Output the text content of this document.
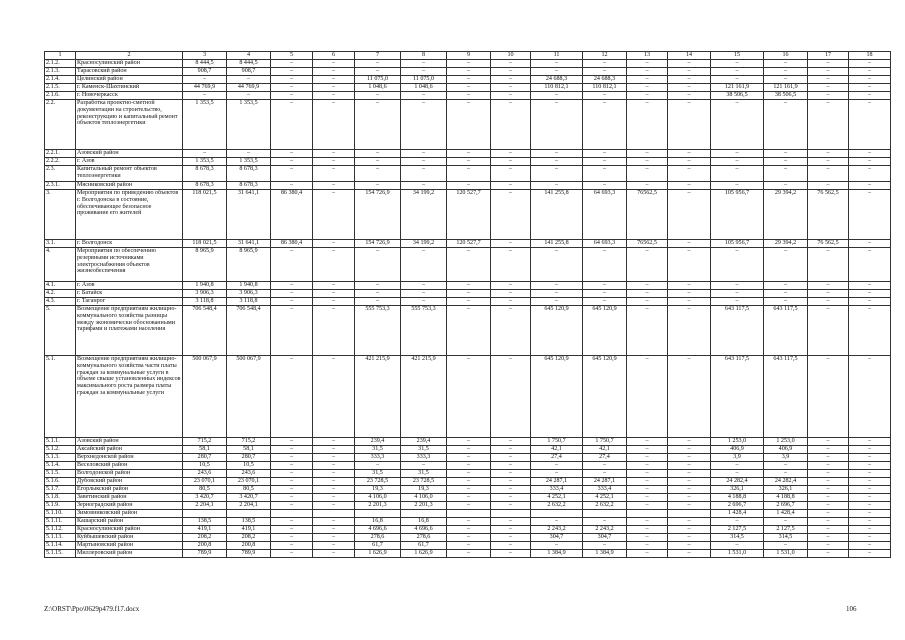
1	2	3	4	5	6	7	8	9	10	11	12	13	14	15	16	17	18
2.1.2.	Красносулинский район	8 444,5	8 444,5	–	–	–	–	–	–	–	–	–	–	–	–	–	–
2.1.3.	Тарасовский район	908,7	908,7	–	–	–	–	–	–	–	–	–	–	–	–	–	–
2.1.4.	Целинский район	–	–	–	–	11 075,0	11 075,0	–	–	24 688,3	24 688,3	–	–	–	–	–	–
2.1.5.	г. Каменск-Шахтинский	44 769,9	44 769,9	–	–	1 048,6	1 048,6	–	–	110 812,1	110 812,1	–	–	121 161,9	121 161,9	–	–
2.1.6.	г. Новочеркасск	–	–	–	–	–	–	–	–	–	–	–	–	38 506,5	38 506,5	–	–
2.2.	Разработка проектно-сметной документации на строительство, реконструкцию и капитальный ремонт объектов теплоэнергетики	1 353,5	1 353,5	–	–	–	–	–	–	–	–	–	–	–	–	–	–
2.2.1.	Азовский район	–	–	–	–	–	–	–	–	–	–	–	–	–	–	–	–
2.2.2.	г. Азов	1 353,5	1 353,5	–	–	–	–	–	–	–	–	–	–	–	–	–	–
2.3.	Капитальный ремонт объектов теплоэнергетики	8 678,3	8 678,3	–	–	–	–	–	–	–	–	–	–	–	–	–	–
2.3.1.	Мясниковский район	8 678,3	8 678,3	–	–	–	–	–	–	–	–	–	–	–	–	–	–
3.	Мероприятия по приведению объектов г. Волгодонска в состояние, обеспечивающее безопасное проживание его жителей	118 021,5	31 641,1	86 380,4	–	154 726,9	34 199,2	120 527,7	–	141 255,8	64 693,3	76562,5	–	105 956,7	29 394,2	76 562,5	–
3.1.	г. Волгодонск	118 021,5	31 641,1	86 380,4	–	154 726,9	34 199,2	120 527,7	–	141 255,8	64 693,3	76562,5	–	105 956,7	29 394,2	76 562,5	–
4.	Мероприятия по обеспечению резервными источниками электроснабжения объектов жизнеобеспечения	8 965,9	8 965,9	–	–	–	–	–	–	–	–	–	–	–	–	–	–
4.1.	г. Азов	1 940,8	1 940,8	–	–	–	–	–	–	–	–	–	–	–	–	–	–
4.2.	г. Батайск	3 906,3	3 906,3	–	–	–	–	–	–	–	–	–	–	–	–	–	–
4.3.	г. Таганрог	3 118,8	3 118,8	–	–	–	–	–	–	–	–	–	–	–	–	–	–
5.	Возмещение предприятиям жилищно-коммунального хозяйства разницы между экономически обоснованными тарифами и платежами населения	706 548,4	706 548,4	–	–	555 753,3	555 753,3	–	–	645 120,9	645 120,9	–	–	643 117,5	643 117,5	–	–
5.1.	Возмещение предприятиям жилищно-коммунального хозяйства части платы граждан за коммунальные услуги в объеме свыше установленных индексов максимального роста размера платы граждан за коммунальные услуги	500 067,9	500 067,9	–	–	421 215,9	421 215,9	–	–	645 120,9	645 120,9	–	–	643 117,5	643 117,5	–	–
5.1.1.	Азовский район	715,2	715,2	–	–	239,4	239,4	–	–	1 750,7	1 750,7	–	–	1 253,0	1 253,0	–	–
5.1.2.	Аксайский район	58,1	58,1	–	–	31,5	31,5	–	–	42,1	42,1	–	–	406,9	406,9	–	–
5.1.3.	Верхнедонской район	280,7	280,7	–	–	333,3	333,3	–	–	27,4	27,4	–	–	3,9	3,9	–	–
5.1.4.	Веселовский район	10,5	10,5	–	–	–	–	–	–	–	–	–	–	–	–	–	–
5.1.5.	Волгодонской район	243,6	243,6	–	–	31,5	31,5	–	–	–	–	–	–	–	–	–	–
5.1.6.	Дубовский район	23 070,1	23 070,1	–	–	23 728,5	23 728,5	–	–	24 287,1	24 287,1	–	–	24 282,4	24 282,4	–	–
5.1.7.	Егорлыкский район	80,5	80,5	–	–	19,3	19,3	–	–	333,4	333,4	–	–	326,1	326,1	–	–
5.1.8.	Заветинский район	3 420,7	3 420,7	–	–	4 106,0	4 106,0	–	–	4 252,1	4 252,1	–	–	4 188,8	4 188,8	–	–
5.1.9.	Зерноградский район	2 204,1	2 204,1	–	–	2 201,3	2 201,3	–	–	2 632,2	2 632,2	–	–	2 696,7	2 696,7	–	–
5.1.10.	Зимовниковский район													1 428,4	1 428,4	–	–
5.1.11.	Кашарский район	138,5	138,5	–	–	16,8	16,8	–	–	–	–	–	–	–	–	–	–
5.1.12.	Красносулинский район	419,1	419,1	–	–	4 696,6	4 696,6	–	–	2 243,2	2 243,2	–	–	2 127,5	2 127,5	–	–
5.1.13.	Куйбышевский район	208,2	208,2	–	–	278,6	278,6	–	–	304,7	304,7	–	–	314,5	314,5	–	–
5.1.14.	Мартыновский район	200,8	200,8	–	–	61,7	61,7	–	–	–	–	–	–	–	–	–	–
5.1.15.	Миллеровский район	789,9	789,9	–	–	1 626,9	1 626,9	–	–	1 384,9	1 384,9	–	–	1 531,0	1 531,0	–	–
Z:\ORST\Ppo\0629p479.f17.docx	106
